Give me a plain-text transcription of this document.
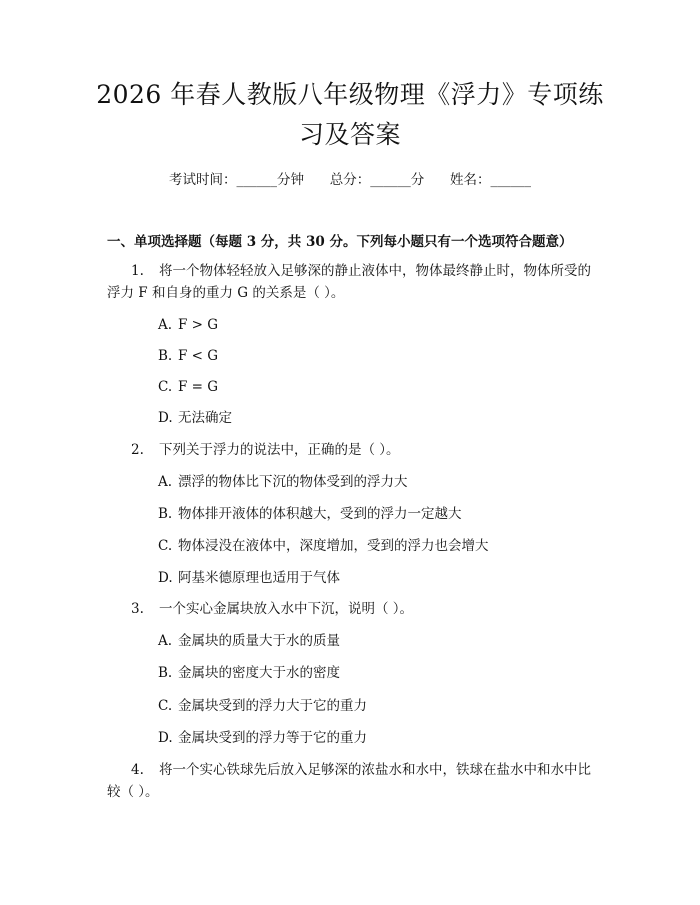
2026 年春人教版八年级物理《浮力》专项练
习及答案
考试时间：______分钟      总分：______分      姓名：______
一、单项选择题（每题 3 分，共 30 分。下列每小题只有一个选项符合题意）
1. 将一个物体轻轻放入足够深的静止液体中，物体最终静止时，物体所受的
浮力 F 和自身的重力 G 的关系是（ ）。
A. F > G
B. F < G
C. F = G
D. 无法确定
2. 下列关于浮力的说法中，正确的是（ ）。
A. 漂浮的物体比下沉的物体受到的浮力大
B. 物体排开液体的体积越大，受到的浮力一定越大
C. 物体浸没在液体中，深度增加，受到的浮力也会增大
D. 阿基米德原理也适用于气体
3. 一个实心金属块放入水中下沉，说明（ ）。
A. 金属块的质量大于水的质量
B. 金属块的密度大于水的密度
C. 金属块受到的浮力大于它的重力
D. 金属块受到的浮力等于它的重力
4. 将一个实心铁球先后放入足够深的浓盐水和水中，铁球在盐水中和水中比
较（ ）。
